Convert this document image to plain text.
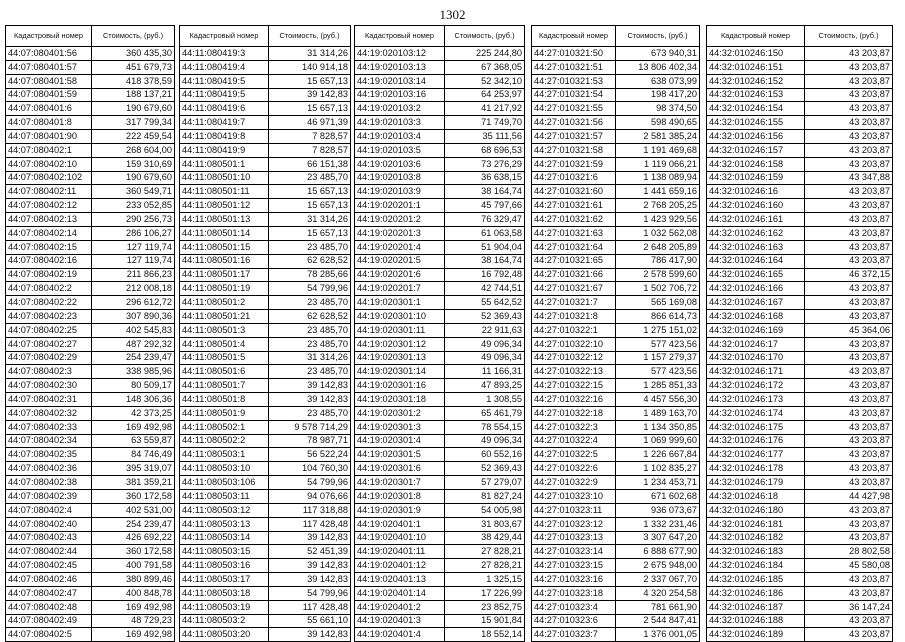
1302
Кадастровый номер	Стоимость, (руб.)
44:07:080401:56	360 435,30
44:07:080401:57	451 679,73
44:07:080401:58	418 378,59
44:07:080401:59	188 137,21
44:07:080401:6	190 679,60
44:07:080401:8	317 799,34
44:07:080401:90	222 459,54
44:07:080402:1	268 604,00
44:07:080402:10	159 310,69
44:07:080402:102	190 679,60
44:07:080402:11	360 549,71
44:07:080402:12	233 052,85
44:07:080402:13	290 256,73
44:07:080402:14	286 106,27
44:07:080402:15	127 119,74
44:07:080402:16	127 119,74
44:07:080402:19	211 866,23
44:07:080402:2	212 008,18
44:07:080402:22	296 612,72
44:07:080402:23	307 890,36
44:07:080402:25	402 545,83
44:07:080402:27	487 292,32
44:07:080402:29	254 239,47
44:07:080402:3	338 985,96
44:07:080402:30	80 509,17
44:07:080402:31	148 306,36
44:07:080402:32	42 373,25
44:07:080402:33	169 492,98
44:07:080402:34	63 559,87
44:07:080402:35	84 746,49
44:07:080402:36	395 319,07
44:07:080402:38	381 359,21
44:07:080402:39	360 172,58
44:07:080402:4	402 531,00
44:07:080402:40	254 239,47
44:07:080402:43	426 692,22
44:07:080402:44	360 172,58
44:07:080402:45	400 791,58
44:07:080402:46	380 899,46
44:07:080402:47	400 848,78
44:07:080402:48	169 492,98
44:07:080402:49	48 729,23
44:07:080402:5	169 492,98
Кадастровый номер	Стоимость, (руб.)
44:11:080419:3	31 314,26
44:11:080419:4	140 914,18
44:11:080419:5	15 657,13
44:11:080419:5	39 142,83
44:11:080419:6	15 657,13
44:11:080419:7	46 971,39
44:11:080419:8	7 828,57
44:11:080419:9	7 828,57
44:11:080501:1	66 151,38
44:11:080501:10	23 485,70
44:11:080501:11	15 657,13
44:11:080501:12	15 657,13
44:11:080501:13	31 314,26
44:11:080501:14	15 657,13
44:11:080501:15	23 485,70
44:11:080501:16	62 628,52
44:11:080501:17	78 285,66
44:11:080501:19	54 799,96
44:11:080501:2	23 485,70
44:11:080501:21	62 628,52
44:11:080501:3	23 485,70
44:11:080501:4	23 485,70
44:11:080501:5	31 314,26
44:11:080501:6	23 485,70
44:11:080501:7	39 142,83
44:11:080501:8	39 142,83
44:11:080501:9	23 485,70
44:11:080502:1	9 578 714,29
44:11:080502:2	78 987,71
44:11:080503:1	56 522,24
44:11:080503:10	104 760,30
44:11:080503:106	54 799,96
44:11:080503:11	94 076,66
44:11:080503:12	117 318,88
44:11:080503:13	117 428,48
44:11:080503:14	39 142,83
44:11:080503:15	52 451,39
44:11:080503:16	39 142,83
44:11:080503:17	39 142,83
44:11:080503:18	54 799,96
44:11:080503:19	117 428,48
44:11:080503:2	55 661,10
44:11:080503:20	39 142,83
Кадастровый номер	Стоимость, (руб.)
44:19:020103:12	225 244,80
44:19:020103:13	67 368,05
44:19:020103:14	52 342,10
44:19:020103:16	64 253,97
44:19:020103:2	41 217,92
44:19:020103:3	71 749,70
44:19:020103:4	35 111,56
44:19:020103:5	68 696,53
44:19:020103:6	73 276,29
44:19:020103:8	36 638,15
44:19:020103:9	38 164,74
44:19:020201:1	45 797,66
44:19:020201:2	76 329,47
44:19:020201:3	61 063,58
44:19:020201:4	51 904,04
44:19:020201:5	38 164,74
44:19:020201:6	16 792,48
44:19:020201:7	42 744,51
44:19:020301:1	55 642,52
44:19:020301:10	52 369,43
44:19:020301:11	22 911,63
44:19:020301:12	49 096,34
44:19:020301:13	49 096,34
44:19:020301:14	11 166,31
44:19:020301:16	47 893,25
44:19:020301:18	1 308,55
44:19:020301:2	65 461,79
44:19:020301:3	78 554,15
44:19:020301:4	49 096,34
44:19:020301:5	60 552,16
44:19:020301:6	52 369,43
44:19:020301:7	57 279,07
44:19:020301:8	81 827,24
44:19:020301:9	54 005,98
44:19:020401:1	31 803,67
44:19:020401:10	38 429,44
44:19:020401:11	27 828,21
44:19:020401:12	27 828,21
44:19:020401:13	1 325,15
44:19:020401:14	17 226,99
44:19:020401:2	23 852,75
44:19:020401:3	15 901,84
44:19:020401:4	18 552,14
Кадастровый номер	Стоимость, (руб.)
44:27:010321:50	673 940,31
44:27:010321:51	13 806 402,34
44:27:010321:53	638 073,99
44:27:010321:54	198 417,20
44:27:010321:55	98 374,50
44:27:010321:56	598 490,65
44:27:010321:57	2 581 385,24
44:27:010321:58	1 191 469,68
44:27:010321:59	1 119 066,21
44:27:010321:6	1 138 089,94
44:27:010321:60	1 441 659,16
44:27:010321:61	2 768 205,25
44:27:010321:62	1 423 929,56
44:27:010321:63	1 032 562,08
44:27:010321:64	2 648 205,89
44:27:010321:65	786 417,90
44:27:010321:66	2 578 599,60
44:27:010321:67	1 502 706,72
44:27:010321:7	565 169,08
44:27:010321:8	866 614,73
44:27:010322:1	1 275 151,02
44:27:010322:10	577 423,56
44:27:010322:12	1 157 279,37
44:27:010322:13	577 423,56
44:27:010322:15	1 285 851,33
44:27:010322:16	4 457 556,30
44:27:010322:18	1 489 163,70
44:27:010322:3	1 134 350,85
44:27:010322:4	1 069 999,60
44:27:010322:5	1 226 667,84
44:27:010322:6	1 102 835,27
44:27:010322:9	1 234 453,71
44:27:010323:10	671 602,68
44:27:010323:11	936 073,67
44:27:010323:12	1 332 231,46
44:27:010323:13	3 307 647,20
44:27:010323:14	6 888 677,90
44:27:010323:15	2 675 948,00
44:27:010323:16	2 337 067,70
44:27:010323:18	4 320 254,58
44:27:010323:4	781 661,90
44:27:010323:6	2 544 847,41
44:27:010323:7	1 376 001,05
Кадастровый номер	Стоимость, (руб.)
44:32:010246:150	43 203,87
44:32:010246:151	43 203,87
44:32:010246:152	43 203,87
44:32:010246:153	43 203,87
44:32:010246:154	43 203,87
44:32:010246:155	43 203,87
44:32:010246:156	43 203,87
44:32:010246:157	43 203,87
44:32:010246:158	43 203,87
44:32:010246:159	43 347,88
44:32:010246:16	43 203,87
44:32:010246:160	43 203,87
44:32:010246:161	43 203,87
44:32:010246:162	43 203,87
44:32:010246:163	43 203,87
44:32:010246:164	43 203,87
44:32:010246:165	46 372,15
44:32:010246:166	43 203,87
44:32:010246:167	43 203,87
44:32:010246:168	43 203,87
44:32:010246:169	45 364,06
44:32:010246:17	43 203,87
44:32:010246:170	43 203,87
44:32:010246:171	43 203,87
44:32:010246:172	43 203,87
44:32:010246:173	43 203,87
44:32:010246:174	43 203,87
44:32:010246:175	43 203,87
44:32:010246:176	43 203,87
44:32:010246:177	43 203,87
44:32:010246:178	43 203,87
44:32:010246:179	43 203,87
44:32:010246:18	44 427,98
44:32:010246:180	43 203,87
44:32:010246:181	43 203,87
44:32:010246:182	43 203,87
44:32:010246:183	28 802,58
44:32:010246:184	45 580,08
44:32:010246:185	43 203,87
44:32:010246:186	43 203,87
44:32:010246:187	36 147,24
44:32:010246:188	43 203,87
44:32:010246:189	43 203,87
